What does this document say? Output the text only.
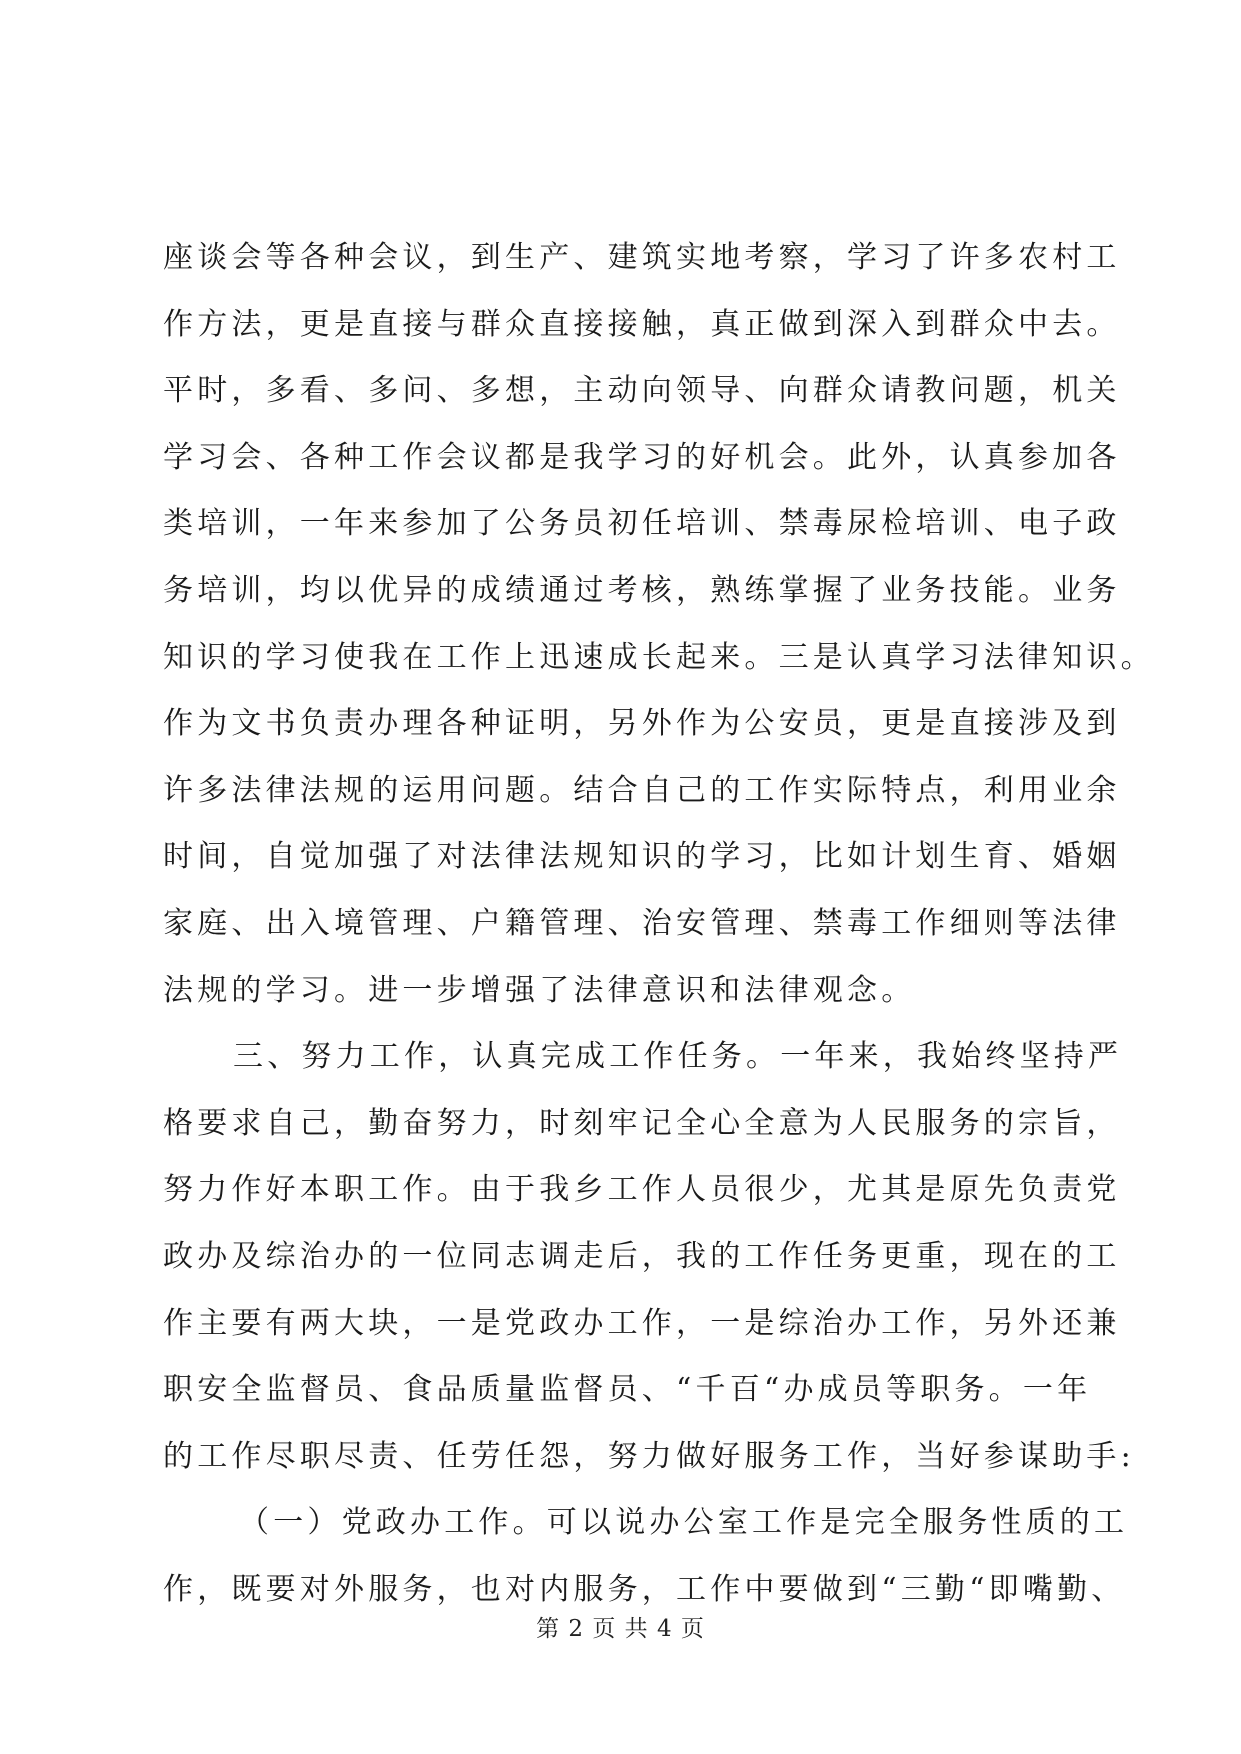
座谈会等各种会议，到生产、建筑实地考察，学习了许多农村工
作方法，更是直接与群众直接接触，真正做到深入到群众中去。
平时，多看、多问、多想，主动向领导、向群众请教问题，机关
学习会、各种工作会议都是我学习的好机会。此外，认真参加各
类培训，一年来参加了公务员初任培训、禁毒尿检培训、电子政
务培训，均以优异的成绩通过考核，熟练掌握了业务技能。业务
知识的学习使我在工作上迅速成长起来。三是认真学习法律知识。
作为文书负责办理各种证明，另外作为公安员，更是直接涉及到
许多法律法规的运用问题。结合自己的工作实际特点，利用业余
时间，自觉加强了对法律法规知识的学习，比如计划生育、婚姻
家庭、出入境管理、户籍管理、治安管理、禁毒工作细则等法律
法规的学习。进一步增强了法律意识和法律观念。
三、努力工作，认真完成工作任务。一年来，我始终坚持严
格要求自己，勤奋努力，时刻牢记全心全意为人民服务的宗旨，
努力作好本职工作。由于我乡工作人员很少，尤其是原先负责党
政办及综治办的一位同志调走后，我的工作任务更重，现在的工
作主要有两大块，一是党政办工作，一是综治办工作，另外还兼
职安全监督员、食品质量监督员、“千百“办成员等职务。一年
的工作尽职尽责、任劳任怨，努力做好服务工作，当好参谋助手:
（一）党政办工作。可以说办公室工作是完全服务性质的工
作，既要对外服务，也对内服务，工作中要做到“三勤“即嘴勤、
第 2 页 共 4 页
